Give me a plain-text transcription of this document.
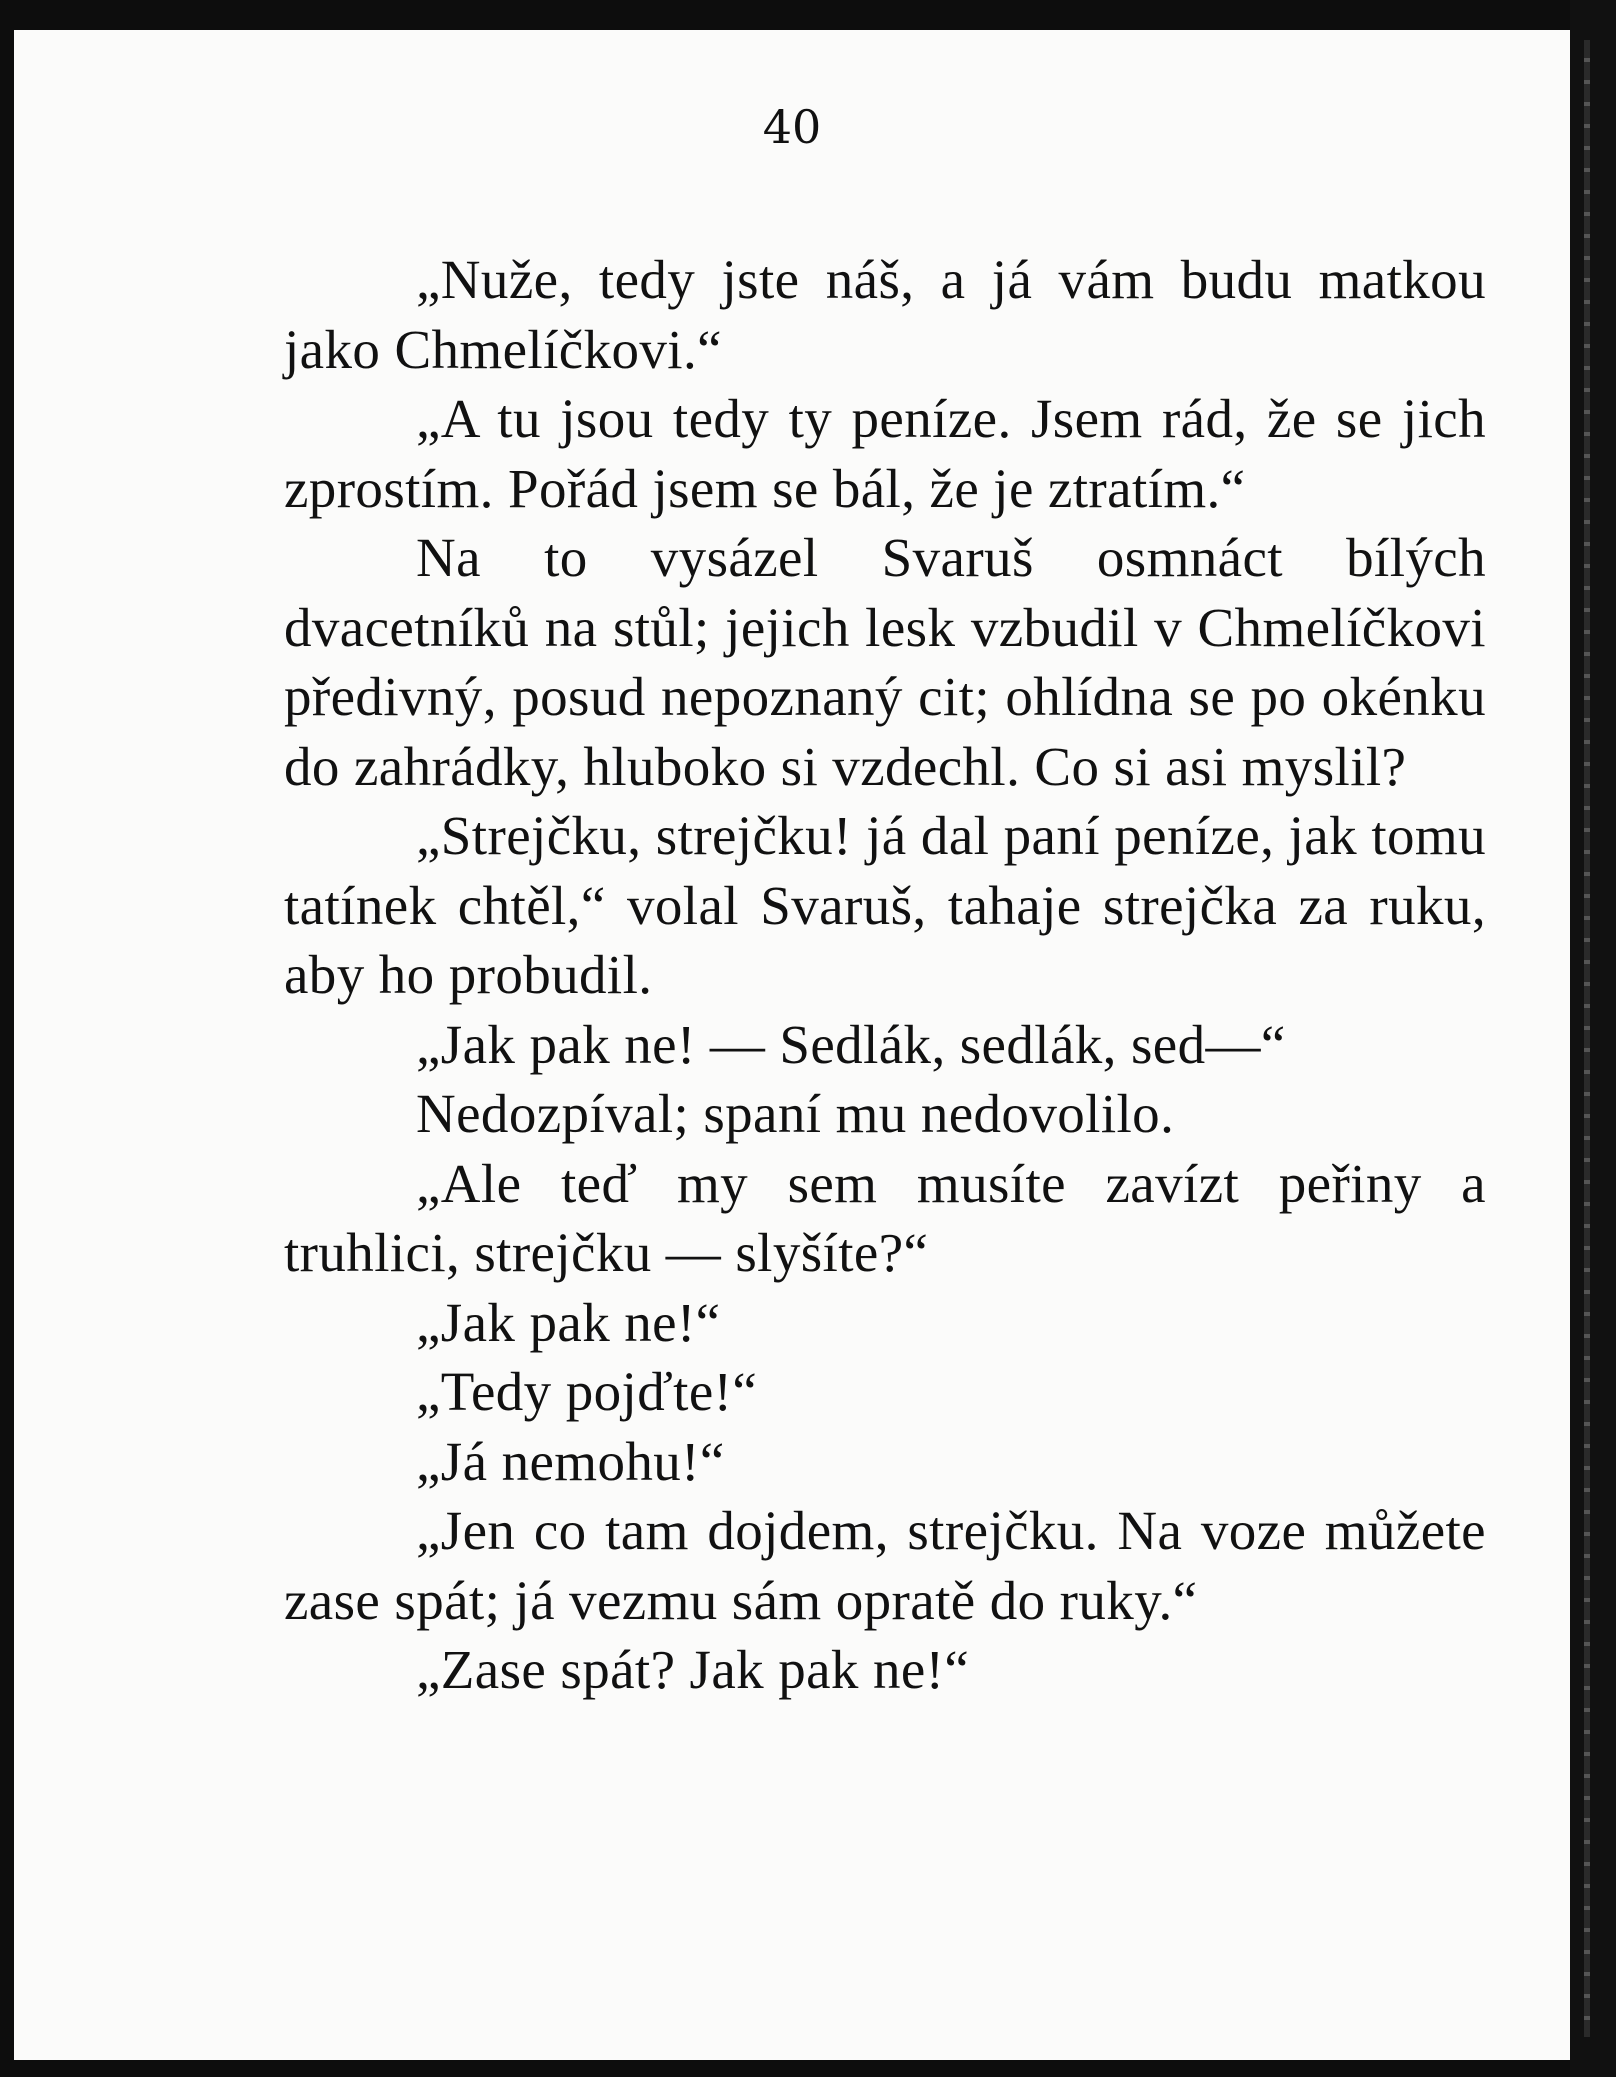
40

„Nuže, tedy jste náš, a já vám budu matkou jako Chmelíčkovi.“

„A tu jsou tedy ty peníze. Jsem rád, že se jich zprostím. Pořád jsem se bál, že je ztratím.“

Na to vysázel Svaruš osmnáct bílých dvacetníků na stůl; jejich lesk vzbudil v Chmelíčkovi předivný, posud nepoznaný cit; ohlídna se po okénku do zahrádky, hluboko si vzdechl. Co si asi myslil?

„Strejčku, strejčku! já dal paní peníze, jak tomu tatínek chtěl,“ volal Svaruš, tahaje strejčka za ruku, aby ho probudil.

„Jak pak ne! — Sedlák, sedlák, sed—“

Nedozpíval; spaní mu nedovolilo.

„Ale teď my sem musíte zavízt peřiny a truhlici, strejčku — slyšíte?“

„Jak pak ne!“

„Tedy pojďte!“

„Já nemohu!“

„Jen co tam dojdem, strejčku. Na voze můžete zase spát; já vezmu sám opratě do ruky.“

„Zase spát? Jak pak ne!“
